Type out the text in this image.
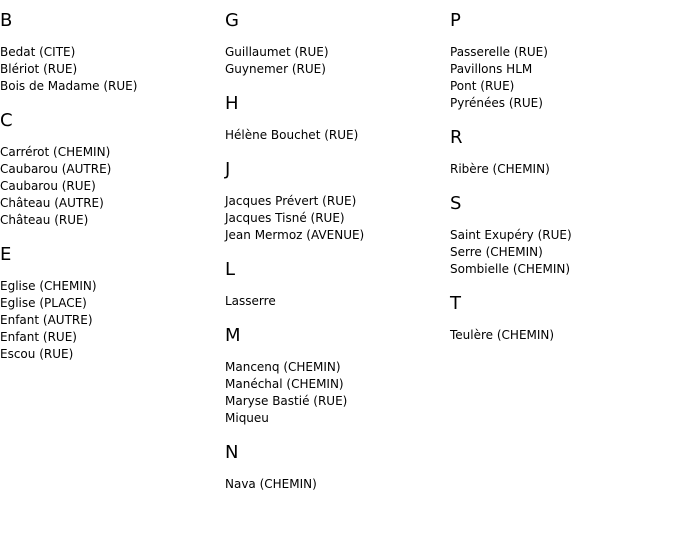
B
Bedat (CITE)
Blériot (RUE)
Bois de Madame (RUE)
C
Carrérot (CHEMIN)
Caubarou (AUTRE)
Caubarou (RUE)
Château (AUTRE)
Château (RUE)
E
Eglise (CHEMIN)
Eglise (PLACE)
Enfant (AUTRE)
Enfant (RUE)
Escou (RUE)
G
Guillaumet (RUE)
Guynemer (RUE)
H
Hélène Bouchet (RUE)
J
Jacques Prévert (RUE)
Jacques Tisné (RUE)
Jean Mermoz (AVENUE)
L
Lasserre
M
Mancenq (CHEMIN)
Manéchal (CHEMIN)
Maryse Bastié (RUE)
Miqueu
N
Nava (CHEMIN)
P
Passerelle (RUE)
Pavillons HLM
Pont (RUE)
Pyrénées (RUE)
R
Ribère (CHEMIN)
S
Saint Exupéry (RUE)
Serre (CHEMIN)
Sombielle (CHEMIN)
T
Teulère (CHEMIN)
